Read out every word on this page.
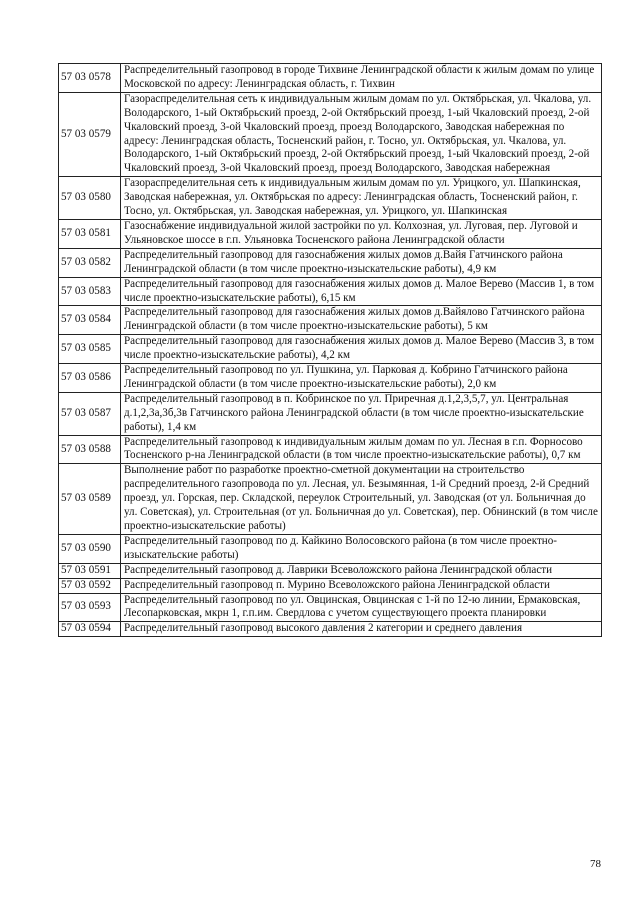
57 03 0578	Распределительный газопровод в городе Тихвине Ленинградской области к жилым домам по улице Московской по адресу: Ленинградская область, г. Тихвин
57 03 0579	Газораспределительная сеть к индивидуальным жилым домам по ул. Октябрьская, ул. Чкалова, ул. Володарского, 1-ый Октябрьский проезд, 2-ой Октябрьский проезд, 1-ый Чкаловский проезд, 2-ой Чкаловский проезд, 3-ой Чкаловский проезд, проезд Володарского, Заводская набережная по адресу: Ленинградская область, Тосненский район, г. Тосно, ул. Октябрьская, ул. Чкалова, ул. Володарского, 1-ый Октябрьский проезд, 2-ой Октябрьский проезд, 1-ый Чкаловский проезд, 2-ой Чкаловский проезд, 3-ой Чкаловский проезд, проезд Володарского, Заводская набережная
57 03 0580	Газораспределительная сеть к индивидуальным жилым домам по ул. Урицкого, ул. Шапкинская, Заводская набережная, ул. Октябрьская по адресу: Ленинградская область, Тосненский район, г. Тосно, ул. Октябрьская, ул. Заводская набережная, ул. Урицкого, ул. Шапкинская
57 03 0581	Газоснабжение индивидуальной жилой застройки по ул. Колхозная, ул. Луговая, пер. Луговой и Ульяновское шоссе в г.п. Ульяновка Тосненского района Ленинградской области
57 03 0582	Распределительный газопровод для газоснабжения жилых домов д.Вайя Гатчинского района Ленинградской области (в том числе проектно-изыскательские работы), 4,9 км
57 03 0583	Распределительный газопровод для газоснабжения жилых домов д. Малое Верево (Массив 1, в том числе проектно-изыскательские работы), 6,15 км
57 03 0584	Распределительный газопровод для газоснабжения жилых домов д.Вайялово Гатчинского района Ленинградской области (в том числе проектно-изыскательские работы), 5 км
57 03 0585	Распределительный газопровод для газоснабжения жилых домов д. Малое Верево (Массив 3, в том числе проектно-изыскательские работы), 4,2 км
57 03 0586	Распределительный газопровод по ул. Пушкина, ул. Парковая д. Кобрино Гатчинского района Ленинградской области (в том числе проектно-изыскательские работы), 2,0 км
57 03 0587	Распределительный газопровод в п. Кобринское по ул. Приречная д.1,2,3,5,7, ул. Центральная д.1,2,3а,3б,3в Гатчинского района Ленинградской области (в том числе проектно-изыскательские работы), 1,4 км
57 03 0588	Распределительный газопровод к индивидуальным жилым домам по ул. Лесная в г.п. Форносово Тосненского р-на Ленинградской области (в том числе проектно-изыскательские работы), 0,7 км
57 03 0589	Выполнение работ по разработке проектно-сметной документации на строительство распределительного газопровода по ул. Лесная, ул. Безымянная, 1-й Средний проезд, 2-й Средний проезд, ул. Горская, пер. Складской, переулок Строительный, ул. Заводская (от ул. Больничная до ул. Советская), ул. Строительная (от ул. Больничная до ул. Советская), пер. Обнинский (в том числе проектно-изыскательские работы)
57 03 0590	Распределительный газопровод по д. Кайкино Волосовского района (в том числе проектно-изыскательские работы)
57 03 0591	Распределительный газопровод д. Лаврики Всеволожского района Ленинградской области
57 03 0592	Распределительный газопровод п. Мурино Всеволожского района Ленинградской области
57 03 0593	Распределительный газопровод по ул. Овцинская, Овцинская с 1-й по 12-ю линии, Ермаковская, Лесопарковская, мкрн 1, г.п.им. Свердлова с учетом существующего проекта планировки
57 03 0594	Распределительный газопровод высокого давления 2 категории и среднего давления
78
